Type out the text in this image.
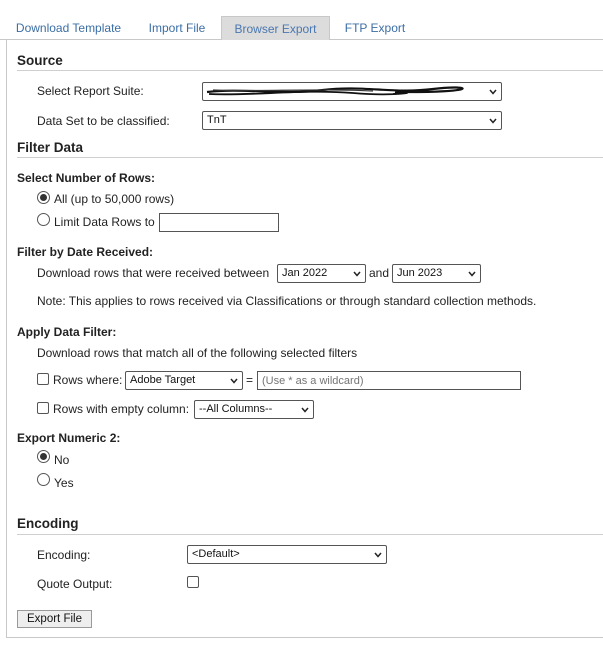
Download Template	Import File	Browser Export	FTP Export
Source
Select Report Suite:
Data Set to be classified:	TnT
Filter Data
Select Number of Rows:
All (up to 50,000 rows)
Limit Data Rows to
Filter by Date Received:
Download rows that were received between	Jan 2022	and Jun 2023
Note: This applies to rows received via Classifications or through standard collection methods.
Apply Data Filter:
Download rows that match all of the following selected filters
Rows where: Adobe Target	=
(Use * as a wildcard)
Rows with empty column: --All Columns--
Export Numeric 2:
No
Yes
Encoding
Encoding:	<Default>
Quote Output:
Export File
